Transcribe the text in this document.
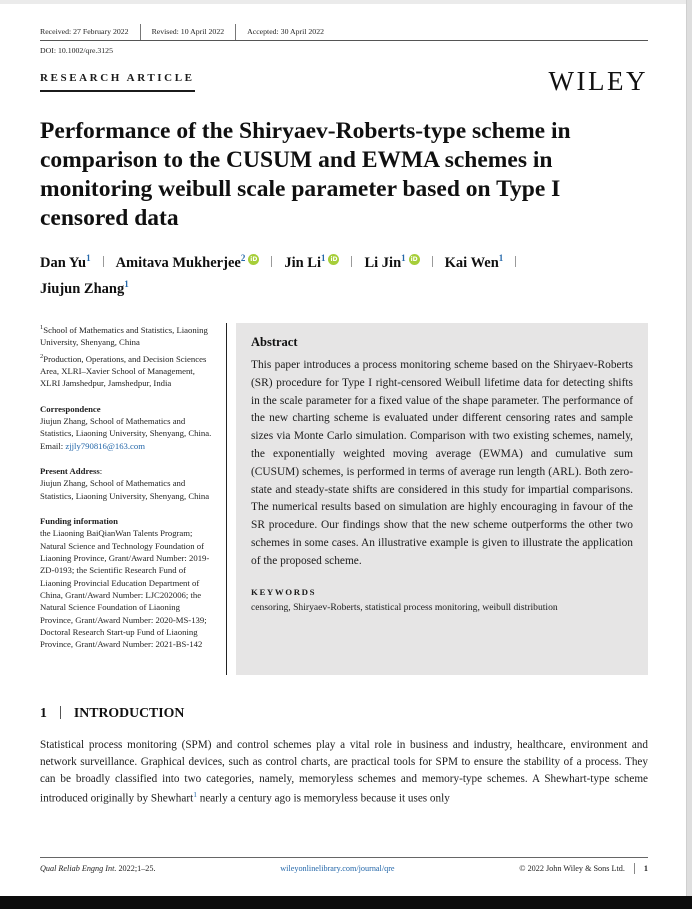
Received: 27 February 2022	Revised: 10 April 2022	Accepted: 30 April 2022
DOI: 10.1002/qre.3125
RESEARCH ARTICLE	WILEY
Performance of the Shiryaev-Roberts-type scheme in comparison to the CUSUM and EWMA schemes in monitoring weibull scale parameter based on Type I censored data
Dan Yu$^1$ Amitava Mukherjee$^2$ iD Jin Li$^1$ iD Li Jin$^1$ iD Kai Wen$^1$
Jiujun Zhang$^1$

$^1$School of Mathematics and Statistics, Liaoning University, Shenyang, China

$^2$Production, Operations, and Decision Sciences Area, XLRI–Xavier School of Management, XLRI Jamshedpur, Jamshedpur, India

Correspondence
Jiujun Zhang, School of Mathematics and Statistics, Liaoning University, Shenyang, China.
Email: zjjly790816@163.com
Present Address:
Jiujun Zhang, School of Mathematics and Statistics, Liaoning University, Shenyang, China
Funding information
the Liaoning BaiQianWan Talents Program; Natural Science and Technology Foundation of Liaoning Province, Grant/Award Number: 2019-ZD-0193; the Scientific Research Fund of Liaoning Provincial Education Department of China, Grant/Award Number: LJC202006; the Natural Science Foundation of Liaoning Province, Grant/Award Number: 2020-MS-139; Doctoral Research Start-up Fund of Liaoning Province, Grant/Award Number: 2021-BS-142
Abstract
This paper introduces a process monitoring scheme based on the Shiryaev-Roberts (SR) procedure for Type I right-censored Weibull lifetime data for detecting shifts in the scale parameter for a fixed value of the shape parameter. The performance of the new charting scheme is evaluated under different censoring rates and sample sizes via Monte Carlo simulation. Comparison with two existing schemes, namely, the exponentially weighted moving average (EWMA) and cumulative sum (CUSUM) schemes, is performed in terms of average run length (ARL). Both zero-state and steady-state shifts are considered in this study for impartial comparisons. The numerical results based on simulation are highly encouraging in favour of the SR procedure. Our findings show that the new scheme outperforms the other two schemes in some cases. An illustrative example is given to illustrate the application of the proposed scheme.
KEYWORDS
censoring, Shiryaev-Roberts, statistical process monitoring, weibull distribution
1 INTRODUCTION
Statistical process monitoring (SPM) and control schemes play a vital role in business and industry, healthcare, environment and network surveillance. Graphical devices, such as control charts, are practical tools for SPM to ensure the stability of a process. They can be broadly classified into two categories, namely, memoryless schemes and memory-type schemes. A Shewhart-type scheme introduced originally by Shewhart$^1$ nearly a century ago is memoryless because it uses only
Qual Reliab Engng Int. 2022;1–25.	wileyonlinelibrary.com/journal/qre	© 2022 John Wiley & Sons Ltd. 1
